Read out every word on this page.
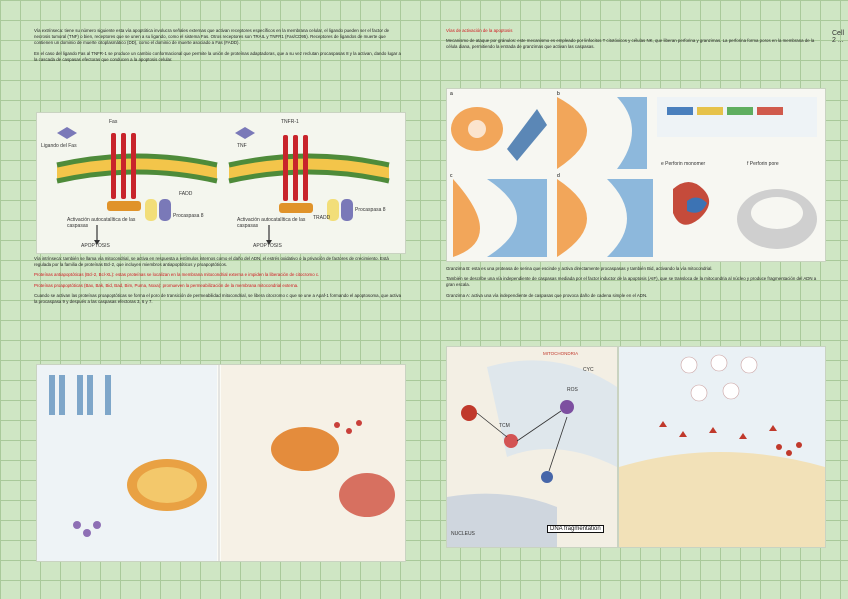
Cell 2 ...

Vía extrínseca: tiene su número siguiente esta vía apoptótica involucra señales externas que activan receptores específicos en la membrana celular, el ligando pueden ser el factor de necrosis tumoral (TNF) o bien, receptores que se unen a su ligando, como el sistema Fas. Otros receptores son TRAIL y TNFR1 (Fas/CD95). Receptores de ligandos de muerte que contienen un dominio de muerte citoplasmático (DD), como el dominio de muerte asociado a Fas (FADD).

En el caso del ligando Fas al TNFR-1 se produce un cambio conformacional que permite la unión de proteínas adaptadoras, que a su vez reclutan procaspasas 8 y la activan, dando lugar a la cascada de caspasas efectoras que conducen a la apoptosis celular.

Ligando del Fas
Fas
TNF
TNFR-1
FADD
TRADD
Procaspasa 8
Procaspasa 8
Activación autocatalítica de las caspasas
Activación autocatalítica de las caspasas
APOPTOSIS	APOPTOSIS

Vía intrínseca: también se llama vía mitocondrial, se activa en respuesta a estímulos internos como el daño del ADN, el estrés oxidativo o la privación de factores de crecimiento. Está regulada por la familia de proteínas Bcl-2, que incluyen miembros antiapoptóticos y proapoptóticos.

Proteínas antiapoptóticas (Bcl-2, Bcl-XL): estas proteínas se localizan en la membrana mitocondrial externa e impiden la liberación de citocromo c.

Proteínas proapoptóticas (Bax, Bak, Bid, Bad, Bim, Puma, Noxa): promueven la permeabilización de la membrana mitocondrial externa.

Cuando se activan las proteínas proapoptóticas se forma el poro de transición de permeabilidad mitocondrial, se libera citocromo c que se une a Apaf-1 formando el apoptosoma, que activa la procaspasa 9 y después a las caspasas efectoras 3, 6 y 7.

Vías de activación de la apoptosis

Mecanismo de ataque por gránulos: este mecanismo es empleado por linfocitos T citotóxicos y células NK, que liberan perforina y granzimas. La perforina forma poros en la membrana de la célula diana, permitiendo la entrada de granzimas que activan las caspasas.

a	b
c	d
e Perforin monomer	f Perforin pore

Granzima B: esta es una proteasa de serina que escinde y activa directamente procaspasas y también Bid, activando la vía mitocondrial.

También se describe una vía independiente de caspasas mediada por el factor inductor de la apoptosis (AIF), que se transloca de la mitocondria al núcleo y produce fragmentación del ADN a gran escala.

Granzima A: activa una vía independiente de caspasas que provoca daño de cadena simple en el ADN.

MITOCHONDRIA
ROS
TCM
CYC
NUCLEUS
DNA fragmentation
